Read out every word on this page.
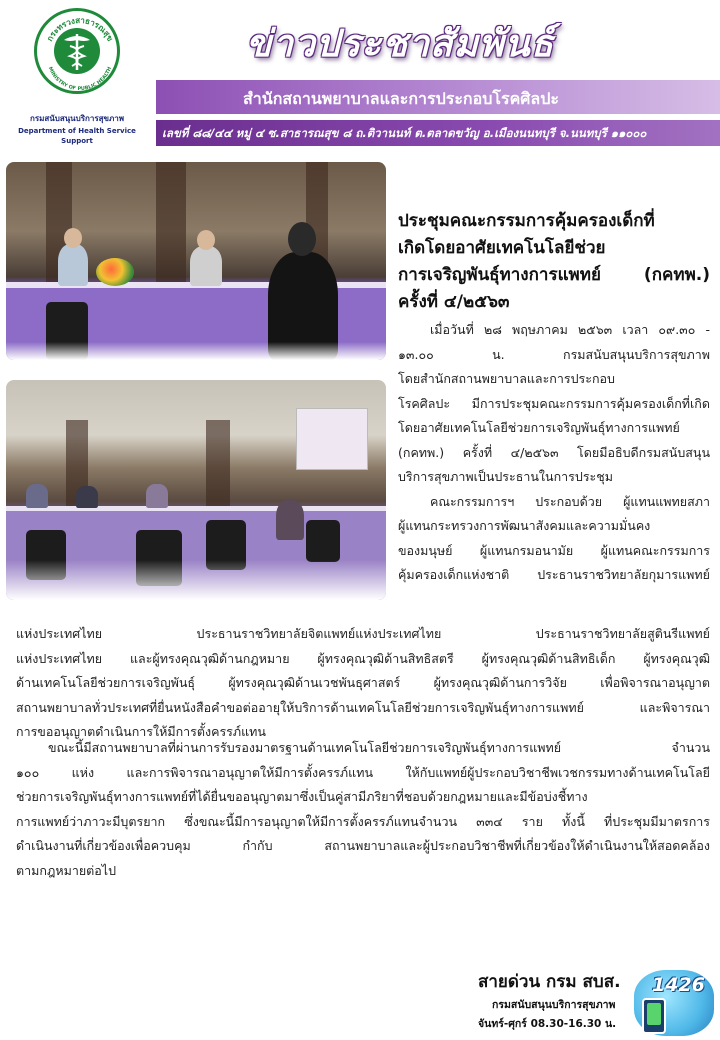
กระทรวงสาธารณสุข
MINISTRY OF PUBLIC HEALTH
กรมสนับสนุนบริการสุขภาพ
Department of Health Service Support
ข่าวประชาสัมพันธ์
สำนักสถานพยาบาลและการประกอบโรคศิลปะ
เลขที่ ๘๘/๔๔ หมู่ ๔ ซ.สาธารณสุข ๘ ถ.ติวานนท์ ต.ตลาดขวัญ อ.เมืองนนทบุรี จ.นนทบุรี ๑๑๐๐๐
ประชุมคณะกรรมการคุ้มครองเด็กที่
เกิดโดยอาศัยเทคโนโลยีช่วย
การเจริญพันธุ์ทางการแพทย์ (กคทพ.)
ครั้งที่ ๔/๒๕๖๓
เมื่อวันที่ ๒๘ พฤษภาคม ๒๕๖๓ เวลา ๐๙.๓๐ -
๑๓.๐๐ น. กรมสนับสนุนบริการสุขภาพ
โดยสำนักสถานพยาบาลและการประกอบ
โรคศิลปะ มีการประชุมคณะกรรมการคุ้มครองเด็กที่เกิด
โดยอาศัยเทคโนโลยีช่วยการเจริญพันธุ์ทางการแพทย์
(กคทพ.) ครั้งที่ ๔/๒๕๖๓ โดยมีอธิบดีกรมสนับสนุน
บริการสุขภาพเป็นประธานในการประชุม
คณะกรรมการฯ ประกอบด้วย ผู้แทนแพทยสภา
ผู้แทนกระทรวงการพัฒนาสังคมและความมั่นคง
ของมนุษย์ ผู้แทนกรมอนามัย ผู้แทนคณะกรรมการ
คุ้มครองเด็กแห่งชาติ ประธานราชวิทยาลัยกุมารแพทย์
แห่งประเทศไทย ประธานราชวิทยาลัยจิตแพทย์แห่งประเทศไทย ประธานราชวิทยาลัยสูตินรีแพทย์
แห่งประเทศไทย และผู้ทรงคุณวุฒิด้านกฎหมาย ผู้ทรงคุณวุฒิด้านสิทธิสตรี ผู้ทรงคุณวุฒิด้านสิทธิเด็ก ผู้ทรงคุณวุฒิ
ด้านเทคโนโลยีช่วยการเจริญพันธุ์ ผู้ทรงคุณวุฒิด้านเวชพันธุศาสตร์ ผู้ทรงคุณวุฒิด้านการวิจัย เพื่อพิจารณาอนุญาต
สถานพยาบาลทั่วประเทศที่ยื่นหนังสือคำขอต่ออายุให้บริการด้านเทคโนโลยีช่วยการเจริญพันธุ์ทางการแพทย์ และพิจารณา
การขออนุญาตดำเนินการให้มีการตั้งครรภ์แทน
ขณะนี้มีสถานพยาบาลที่ผ่านการรับรองมาตรฐานด้านเทคโนโลยีช่วยการเจริญพันธุ์ทางการแพทย์ จำนวน
๑๐๐ แห่ง และการพิจารณาอนุญาตให้มีการตั้งครรภ์แทน ให้กับแพทย์ผู้ประกอบวิชาชีพเวชกรรมทางด้านเทคโนโลยี
ช่วยการเจริญพันธุ์ทางการแพทย์ที่ได้ยื่นขออนุญาตมาซึ่งเป็นคู่สามีภริยาที่ชอบด้วยกฎหมายและมีข้อบ่งชี้ทาง
การแพทย์ว่าภาวะมีบุตรยาก ซึ่งขณะนี้มีการอนุญาตให้มีการตั้งครรภ์แทนจำนวน ๓๓๔ ราย ทั้งนี้ ที่ประชุมมีมาตรการ
ดำเนินงานที่เกี่ยวข้องเพื่อควบคุม กำกับ สถานพยาบาลและผู้ประกอบวิชาชีพที่เกี่ยวข้องให้ดำเนินงานให้สอดคล้อง
ตามกฎหมายต่อไป
สายด่วน กรม สบส.
กรมสนับสนุนบริการสุขภาพ
จันทร์-ศุกร์ 08.30-16.30 น.
1426
